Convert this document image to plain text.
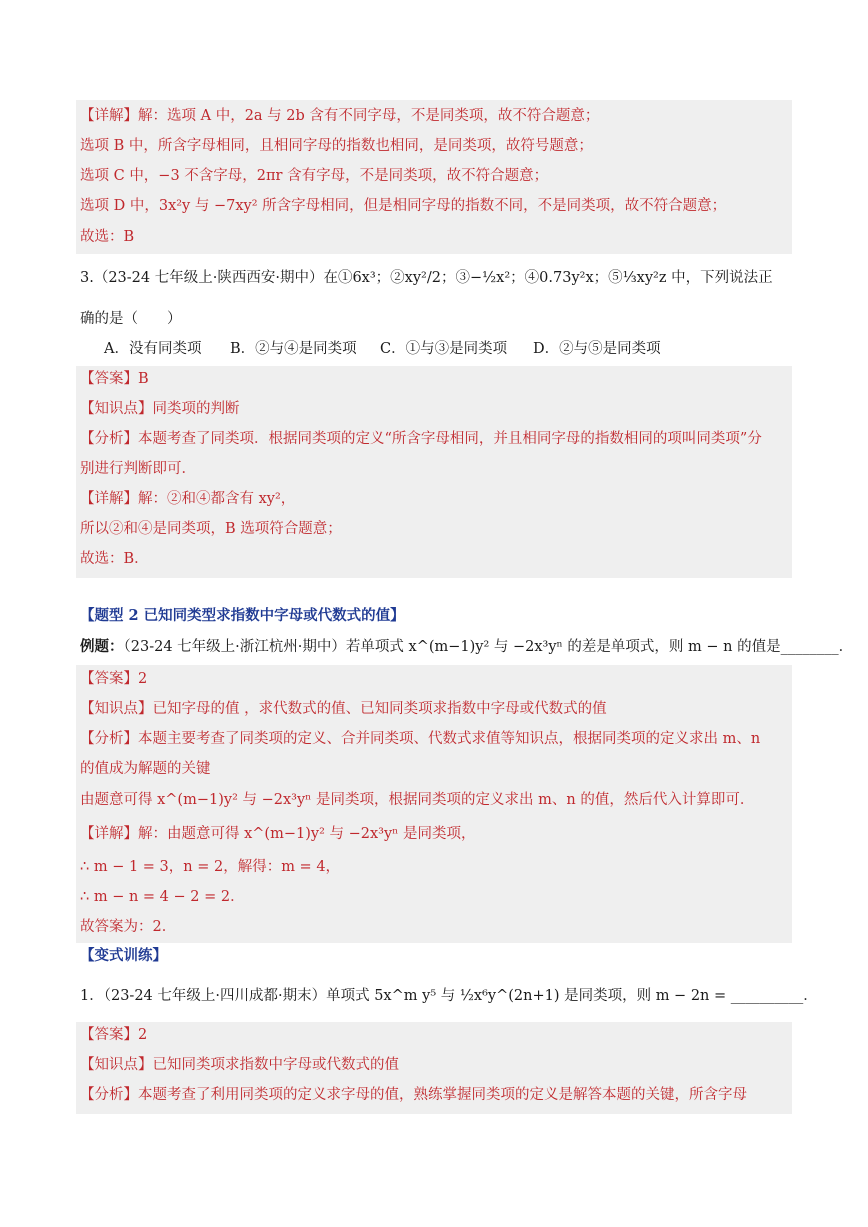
【详解】解：选项 A 中，2a 与 2b 含有不同字母，不是同类项，故不符合题意；
选项 B 中，所含字母相同，且相同字母的指数也相同，是同类项，故符号题意；
选项 C 中，−3 不含字母，2πr 含有字母，不是同类项，故不符合题意；
选项 D 中，3x²y 与 −7xy² 所含字母相同，但是相同字母的指数不同，不是同类项，故不符合题意；
故选：B
3.（23-24 七年级上·陕西西安·期中）在①6x³；②xy²/2；③−½x²；④0.73y²x；⑤⅓xy²z 中，下列说法正
确的是（　　）
A．没有同类项 B．②与④是同类项 C．①与③是同类项 D．②与⑤是同类项
【答案】B
【知识点】同类项的判断
【分析】本题考查了同类项．根据同类项的定义“所含字母相同，并且相同字母的指数相同的项叫同类项”分
别进行判断即可．
【详解】解：②和④都含有 xy²，
所以②和④是同类项，B 选项符合题意；
故选：B．
【题型 2 已知同类型求指数中字母或代数式的值】
例题：（23-24 七年级上·浙江杭州·期中）若单项式 x^(m−1)y² 与 −2x³yⁿ 的差是单项式，则 m − n 的值是________．
【答案】2
【知识点】已知字母的值 ，求代数式的值、已知同类项求指数中字母或代数式的值
【分析】本题主要考查了同类项的定义、合并同类项、代数式求值等知识点，根据同类项的定义求出 m、n
的值成为解题的关键
由题意可得 x^(m−1)y² 与 −2x³yⁿ 是同类项，根据同类项的定义求出 m、n 的值，然后代入计算即可．
【详解】解：由题意可得 x^(m−1)y² 与 −2x³yⁿ 是同类项，
∴ m − 1 = 3，n = 2，解得：m = 4，
∴ m − n = 4 − 2 = 2．
故答案为：2．
【变式训练】
1．（23-24 七年级上·四川成都·期末）单项式 5x^m y⁵ 与 ½x⁶y^(2n+1) 是同类项，则 m − 2n = __________．
【答案】2
【知识点】已知同类项求指数中字母或代数式的值
【分析】本题考查了利用同类项的定义求字母的值，熟练掌握同类项的定义是解答本题的关键，所含字母
